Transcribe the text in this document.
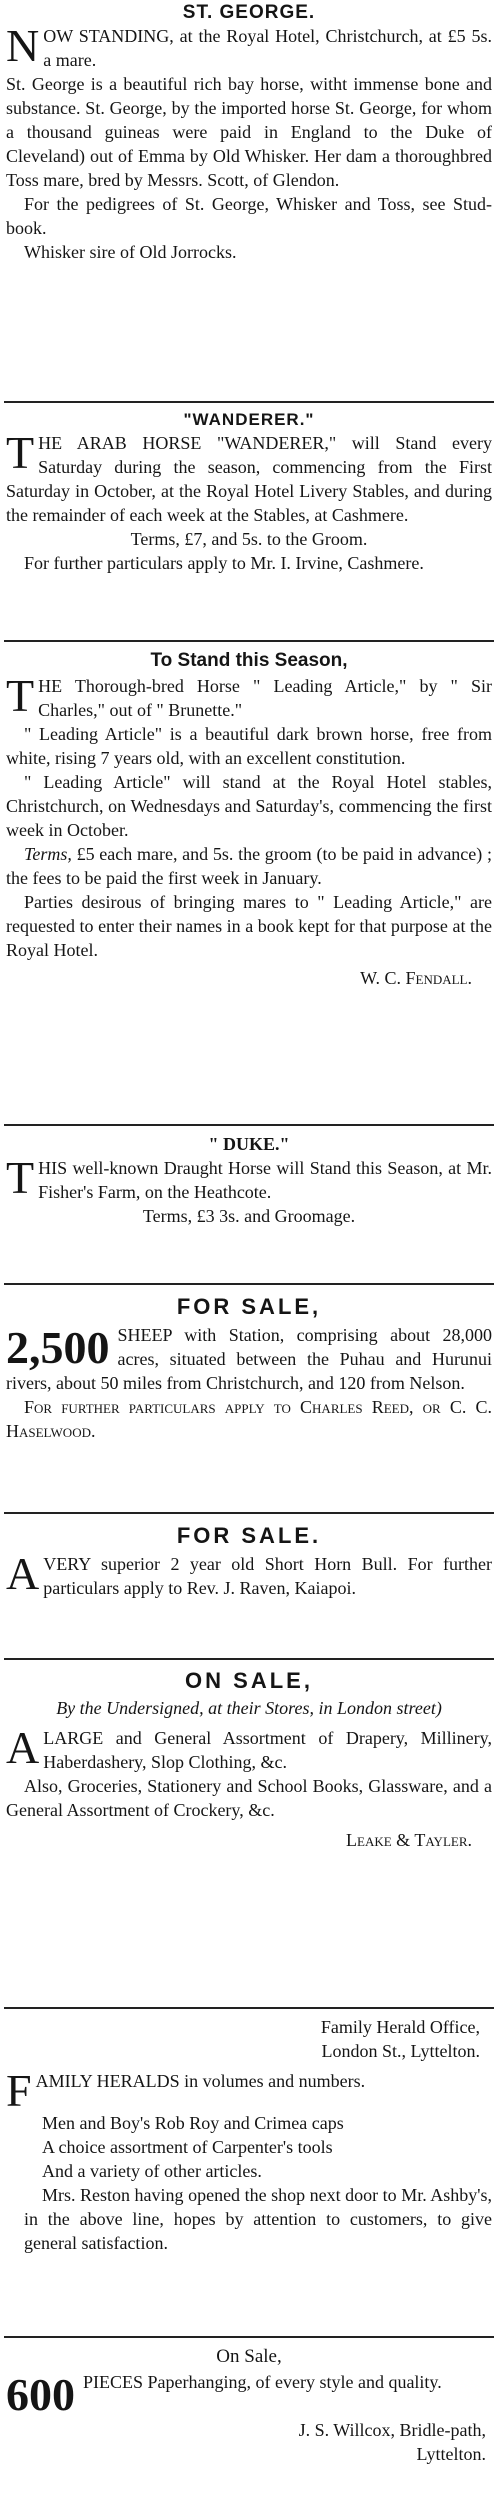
ST. GEORGE.

NOW STANDING, at the Royal Hotel, Christchurch, at £5 5s. a mare.

St. George is a beautiful rich bay horse, witht immense bone and substance. St. George, by the imported horse St. George, for whom a thousand guineas were paid in England to the Duke of Cleveland) out of Emma by Old Whisker. Her dam a thoroughbred Toss mare, bred by Messrs. Scott, of Glendon.

For the pedigrees of St. George, Whisker and Toss, see Stud-book.

Whisker sire of Old Jorrocks.

"WANDERER."

THE ARAB HORSE "WANDERER," will Stand every Saturday during the season, commencing from the First Saturday in October, at the Royal Hotel Livery Stables, and during the remainder of each week at the Stables, at Cashmere.

Terms, £7, and 5s. to the Groom.

For further particulars apply to Mr. I. Irvine, Cashmere.

To Stand this Season,

THE Thorough-bred Horse " Leading Article," by " Sir Charles," out of " Brunette."

" Leading Article" is a beautiful dark brown horse, free from white, rising 7 years old, with an excellent constitution.

" Leading Article" will stand at the Royal Hotel stables, Christchurch, on Wednesdays and Saturday's, commencing the first week in October.

Terms, £5 each mare, and 5s. the groom (to be paid in advance) ; the fees to be paid the first week in January.

Parties desirous of bringing mares to " Leading Article," are requested to enter their names in a book kept for that purpose at the Royal Hotel.

W. C. Fendall.

" DUKE."

THIS well-known Draught Horse will Stand this Season, at Mr. Fisher's Farm, on the Heathcote.

Terms, £3 3s. and Groomage.

FOR SALE,

2,500 SHEEP with Station, comprising about 28,000 acres, situated between the Puhau and Hurunui rivers, about 50 miles from Christchurch, and 120 from Nelson.

For further particulars apply to Charles Reed, or C. C. Haselwood.

FOR SALE.

AVERY superior 2 year old Short Horn Bull. For further particulars apply to Rev. J. Raven, Kaiapoi.

ON SALE,

By the Undersigned, at their Stores, in London street)

ALARGE and General Assortment of Drapery, Millinery, Haberdashery, Slop Clothing, &c.

Also, Groceries, Stationery and School Books, Glassware, and a General Assortment of Crockery, &c.

Leake & Tayler.

Family Herald Office,

London St., Lyttelton.

FAMILY HERALDS in volumes and numbers.

Men and Boy's Rob Roy and Crimea caps

A choice assortment of Carpenter's tools

And a variety of other articles.

Mrs. Reston having opened the shop next door to Mr. Ashby's, in the above line, hopes by attention to customers, to give general satisfaction.

On Sale,

600 PIECES Paperhanging, of every style and quality.

J. S. Willcox, Bridle-path,

Lyttelton.
